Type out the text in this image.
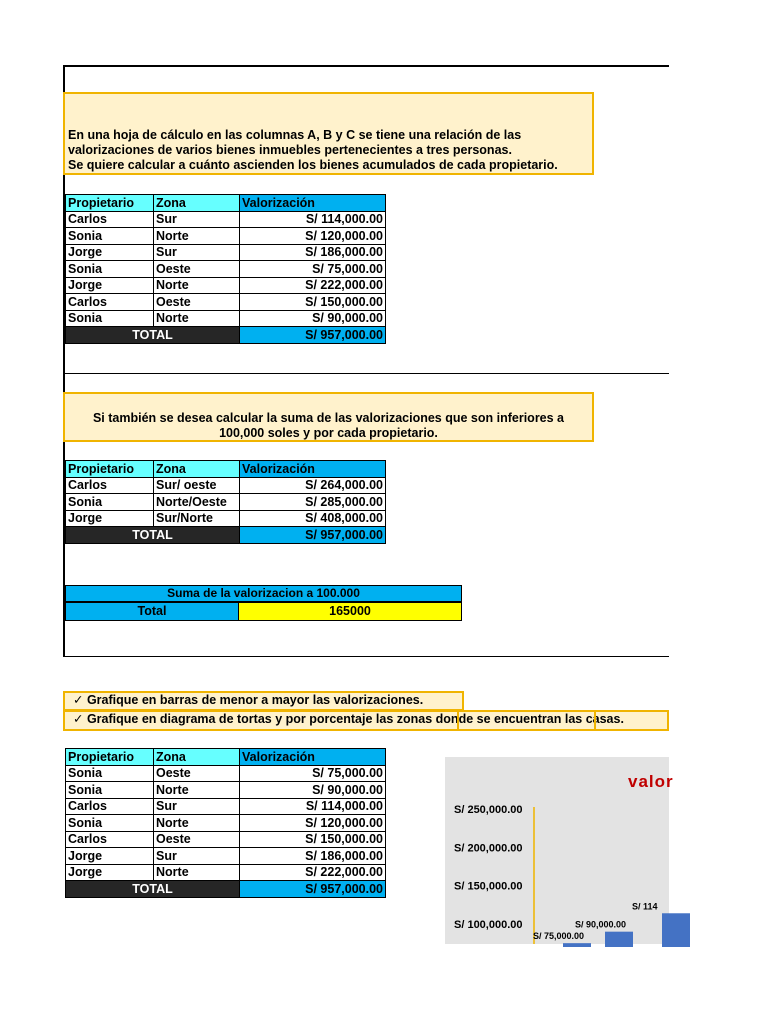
En una hoja de cálculo en las columnas A, B y C se tiene una relación de las
valorizaciones de varios bienes inmuebles pertenecientes a tres personas.
Se quiere calcular a cuánto ascienden los bienes acumulados de cada propietario.
Propietario	Zona	Valorización
Carlos	Sur	S/ 114,000.00
Sonia	Norte	S/ 120,000.00
Jorge	Sur	S/ 186,000.00
Sonia	Oeste	S/ 75,000.00
Jorge	Norte	S/ 222,000.00
Carlos	Oeste	S/ 150,000.00
Sonia	Norte	S/ 90,000.00
TOTAL		S/ 957,000.00
Si también se desea calcular la suma de las valorizaciones que son inferiores a 100,000 soles y por cada propietario.
Propietario	Zona	Valorización
Carlos	Sur/ oeste	S/ 264,000.00
Sonia	Norte/Oeste	S/ 285,000.00
Jorge	Sur/Norte	S/ 408,000.00
TOTAL		S/ 957,000.00
Suma de la valorizacion a 100.000
Total	165000
✓ Grafique en barras de menor a mayor las valorizaciones.
✓ Grafique en diagrama de tortas y por porcentaje las zonas donde se encuentran las casas.
Propietario	Zona	Valorización
Sonia	Oeste	S/ 75,000.00
Sonia	Norte	S/ 90,000.00
Carlos	Sur	S/ 114,000.00
Sonia	Norte	S/ 120,000.00
Carlos	Oeste	S/ 150,000.00
Jorge	Sur	S/ 186,000.00
Jorge	Norte	S/ 222,000.00
TOTAL		S/ 957,000.00
valor
S/ 250,000.00
S/ 200,000.00
S/ 150,000.00
S/ 100,000.00
S/ 75,000.00
S/ 90,000.00
S/ 114
